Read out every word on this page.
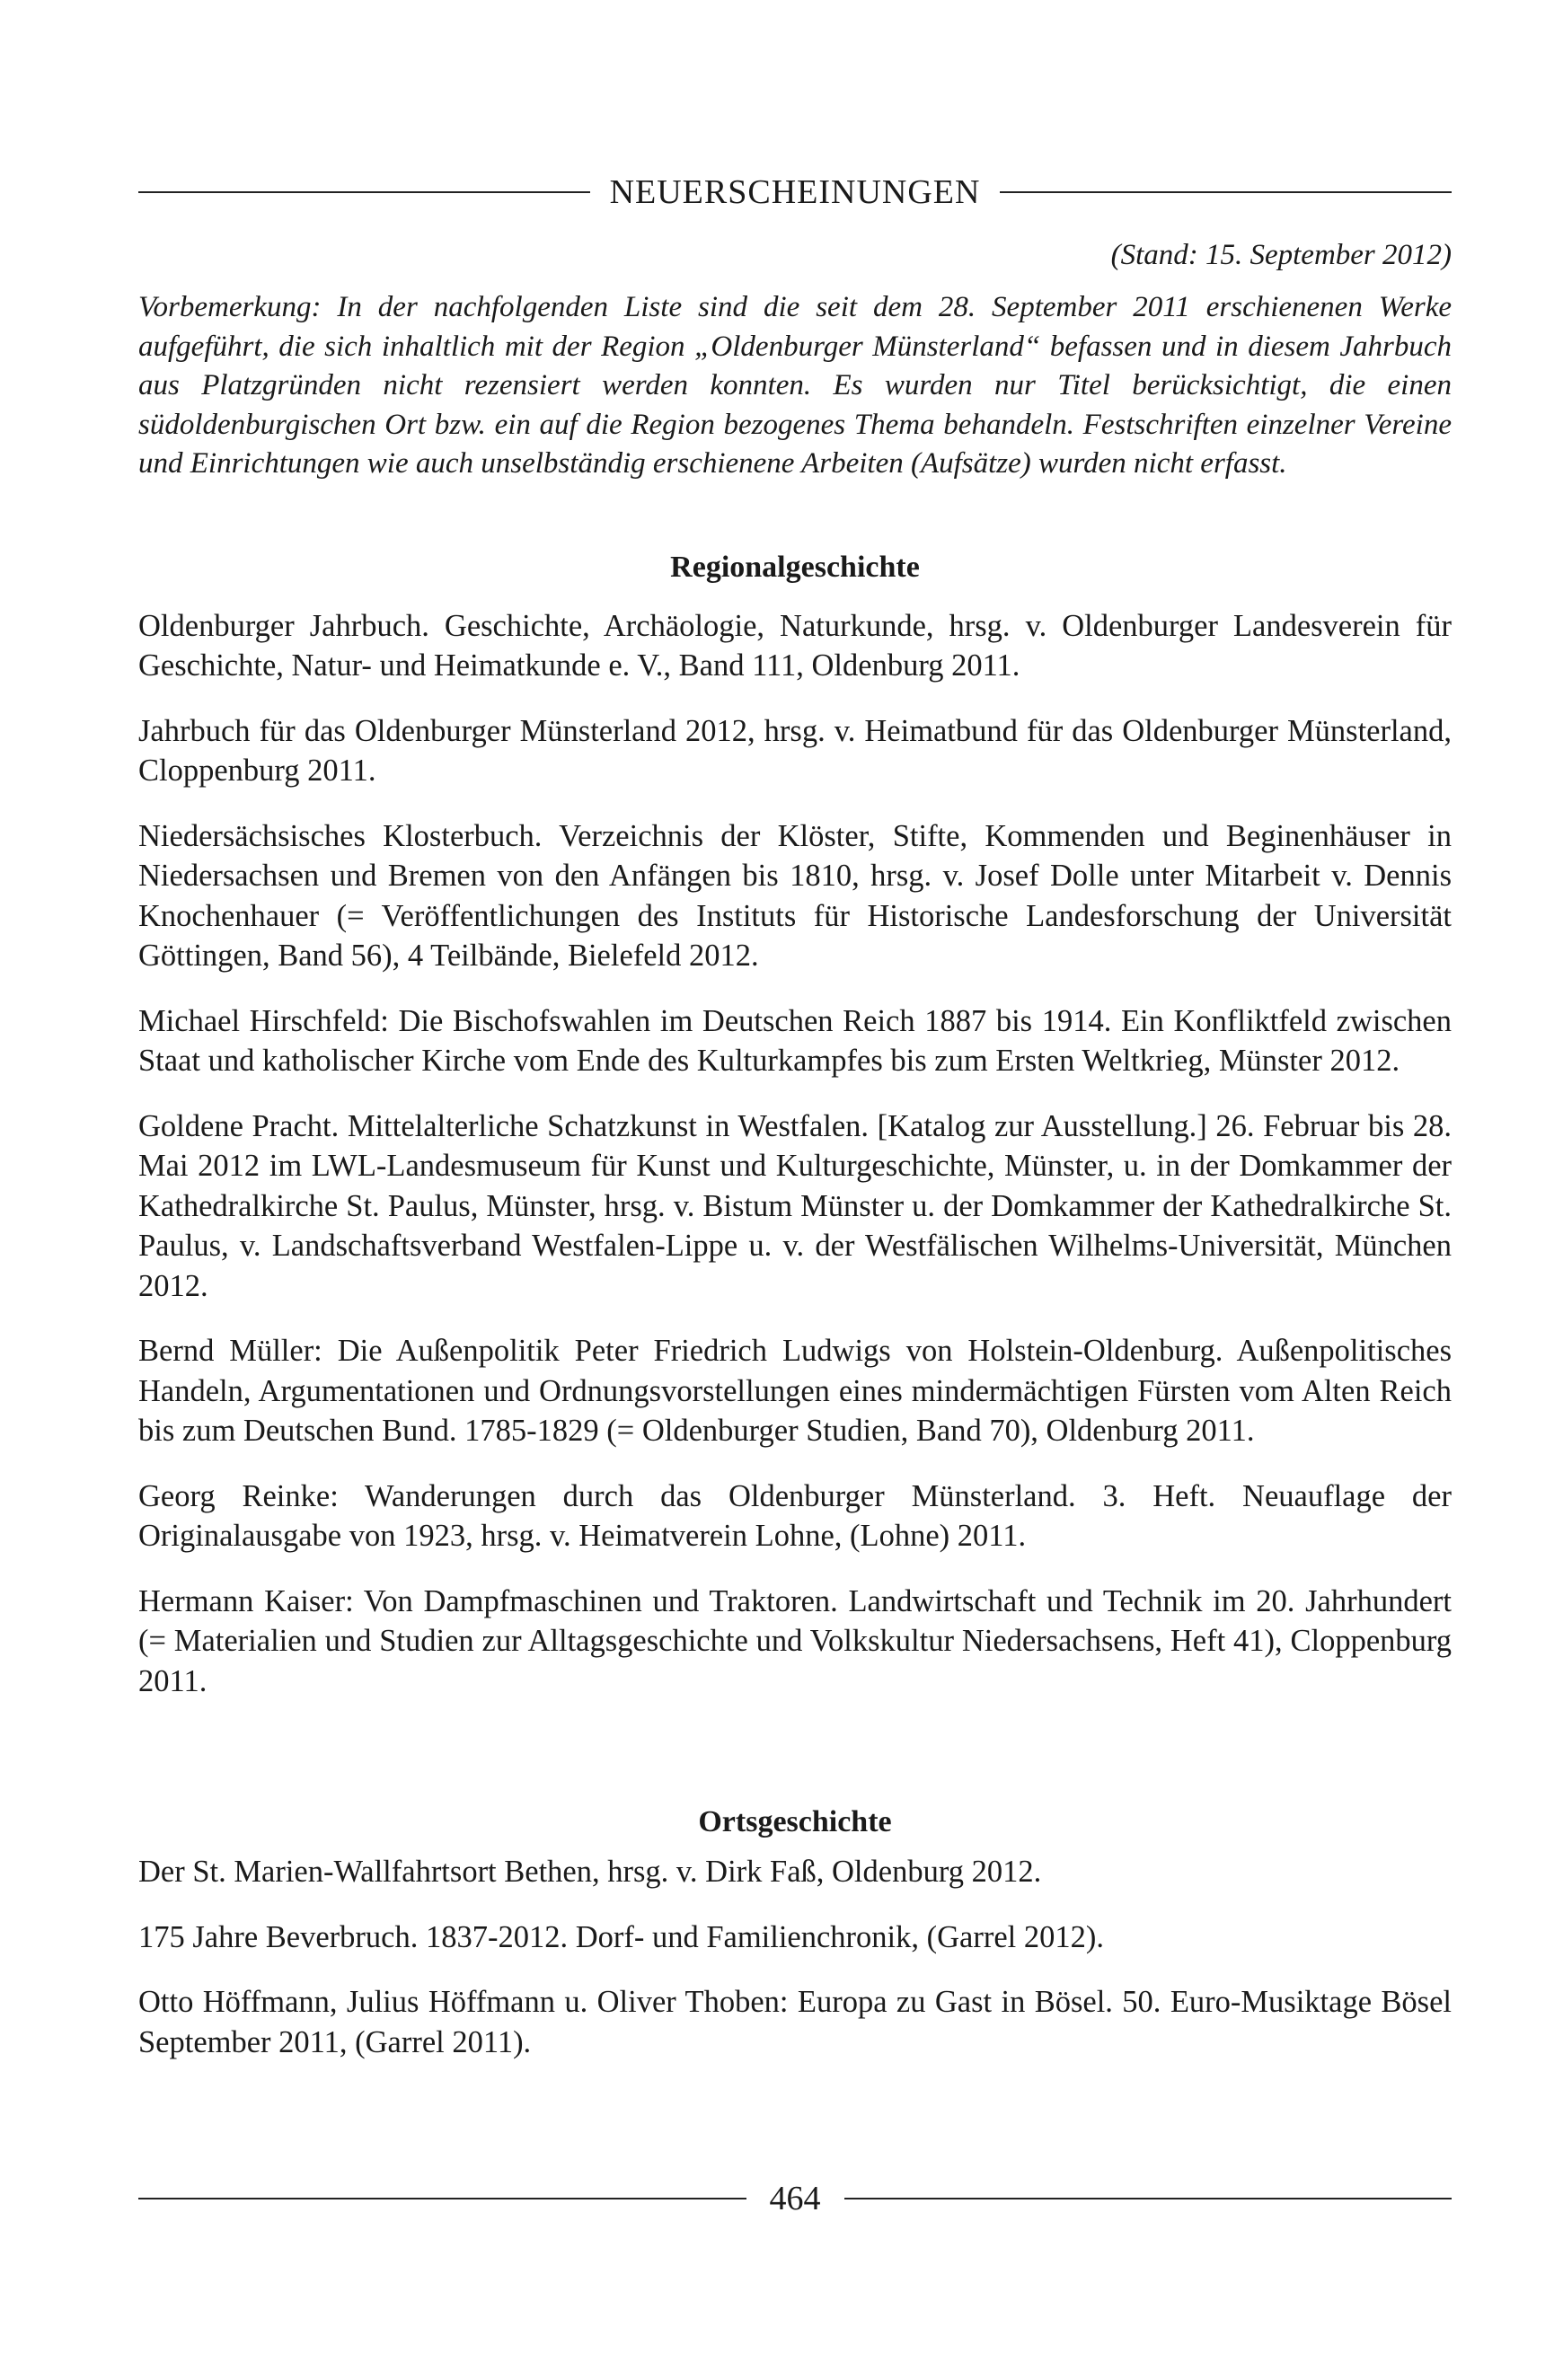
NEUERSCHEINUNGEN
(Stand: 15. September 2012)

Vorbemerkung: In der nachfolgenden Liste sind die seit dem 28. September 2011 erschienenen Werke aufgeführt, die sich inhaltlich mit der Region „Oldenburger Münsterland“ befassen und in diesem Jahrbuch aus Platzgründen nicht rezensiert werden konnten. Es wurden nur Titel berücksichtigt, die einen südoldenburgischen Ort bzw. ein auf die Region bezogenes Thema behandeln. Festschriften einzelner Vereine und Einrichtungen wie auch unselbständig erschienene Arbeiten (Aufsätze) wurden nicht erfasst.

Regionalgeschichte

Oldenburger Jahrbuch. Geschichte, Archäologie, Naturkunde, hrsg. v. Oldenburger Landesverein für Geschichte, Natur- und Heimatkunde e. V., Band 111, Oldenburg 2011.

Jahrbuch für das Oldenburger Münsterland 2012, hrsg. v. Heimatbund für das Oldenburger Münsterland, Cloppenburg 2011.

Niedersächsisches Klosterbuch. Verzeichnis der Klöster, Stifte, Kommenden und Beginenhäuser in Niedersachsen und Bremen von den Anfängen bis 1810, hrsg. v. Josef Dolle unter Mitarbeit v. Dennis Knochenhauer (= Veröffentlichungen des Instituts für Historische Landesforschung der Universität Göttingen, Band 56), 4 Teilbände, Bielefeld 2012.

Michael Hirschfeld: Die Bischofswahlen im Deutschen Reich 1887 bis 1914. Ein Konfliktfeld zwischen Staat und katholischer Kirche vom Ende des Kulturkampfes bis zum Ersten Weltkrieg, Münster 2012.

Goldene Pracht. Mittelalterliche Schatzkunst in Westfalen. [Katalog zur Ausstellung.] 26. Februar bis 28. Mai 2012 im LWL-Landesmuseum für Kunst und Kulturgeschichte, Münster, u. in der Domkammer der Kathedralkirche St. Paulus, Münster, hrsg. v. Bistum Münster u. der Domkammer der Kathedralkirche St. Paulus, v. Landschaftsverband Westfalen-Lippe u. v. der Westfälischen Wilhelms-Universität, München 2012.

Bernd Müller: Die Außenpolitik Peter Friedrich Ludwigs von Holstein-Oldenburg. Außenpolitisches Handeln, Argumentationen und Ordnungsvorstellungen eines mindermächtigen Fürsten vom Alten Reich bis zum Deutschen Bund. 1785-1829 (= Oldenburger Studien, Band 70), Oldenburg 2011.

Georg Reinke: Wanderungen durch das Oldenburger Münsterland. 3. Heft. Neuauflage der Originalausgabe von 1923, hrsg. v. Heimatverein Lohne, (Lohne) 2011.

Hermann Kaiser: Von Dampfmaschinen und Traktoren. Landwirtschaft und Technik im 20. Jahrhundert (= Materialien und Studien zur Alltagsgeschichte und Volkskultur Niedersachsens, Heft 41), Cloppenburg 2011.

Ortsgeschichte

Der St. Marien-Wallfahrtsort Bethen, hrsg. v. Dirk Faß, Oldenburg 2012.

175 Jahre Beverbruch. 1837-2012. Dorf- und Familienchronik, (Garrel 2012).

Otto Höffmann, Julius Höffmann u. Oliver Thoben: Europa zu Gast in Bösel. 50. Euro-Musiktage Bösel September 2011, (Garrel 2011).

464
